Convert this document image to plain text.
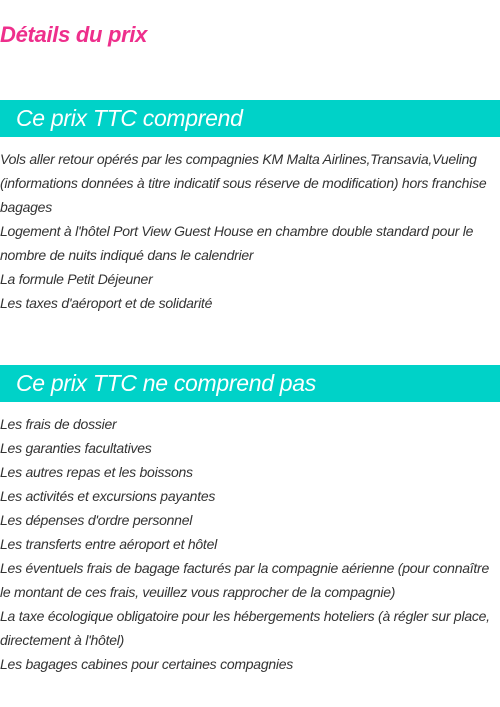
Détails du prix
Ce prix TTC comprend
Vols aller retour opérés par les compagnies KM Malta Airlines,Transavia,Vueling (informations données à titre indicatif sous réserve de modification) hors franchise bagages
Logement à l'hôtel Port View Guest House en chambre double standard pour le nombre de nuits indiqué dans le calendrier
La formule Petit Déjeuner
Les taxes d'aéroport et de solidarité
Ce prix TTC ne comprend pas
Les frais de dossier
Les garanties facultatives
Les autres repas et les boissons
Les activités et excursions payantes
Les dépenses d'ordre personnel
Les transferts entre aéroport et hôtel
Les éventuels frais de bagage facturés par la compagnie aérienne (pour connaître le montant de ces frais, veuillez vous rapprocher de la compagnie)
La taxe écologique obligatoire pour les hébergements hoteliers (à régler sur place, directement à l'hôtel)
Les bagages cabines pour certaines compagnies
